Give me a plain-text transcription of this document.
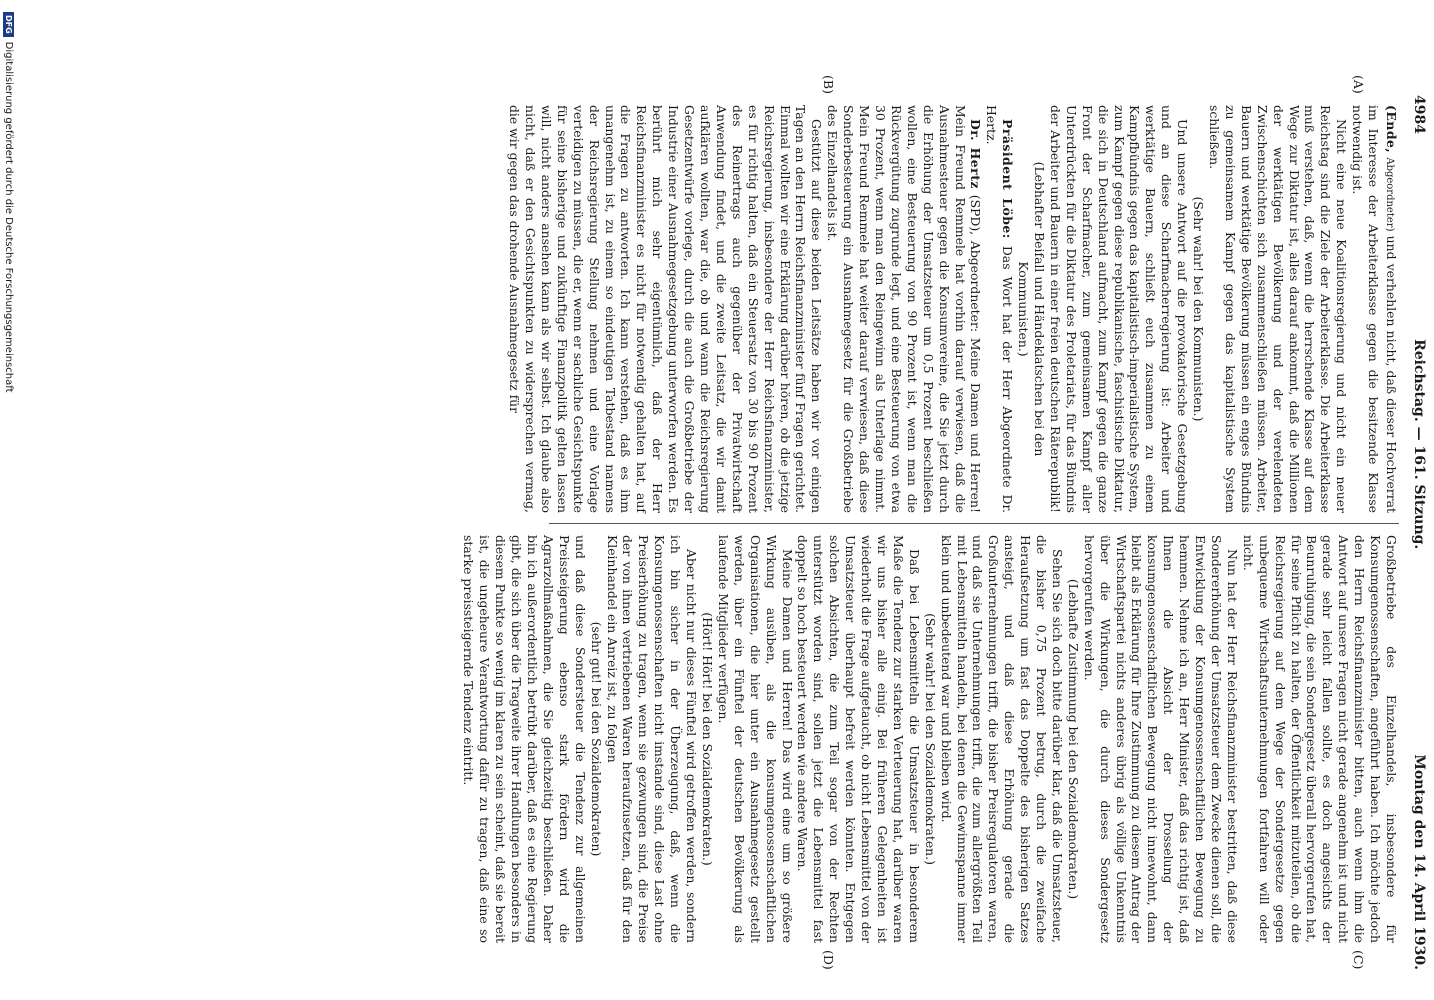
4984
Reichstag. — 161. Sitzung.
Montag den 14. April 1930.
(A)
(B)
(C)
(D)

(Ende, Abgeordneter) und verhehlen nicht, daß dieser Hochverrat im Interesse der Arbeiterklasse gegen die besitzende Klasse notwendig ist.

Nicht eine neue Koalitionsregierung und nicht ein neuer Reichstag sind die Ziele der Arbeiterklasse. Die Arbeiterklasse muß verstehen, daß, wenn die herrschende Klasse auf dem Wege zur Diktatur ist, alles darauf ankommt, daß die Millionen der werktätigen Bevölkerung und der verelendeten Zwischenschichten sich zusammenschließen müssen. Arbeiter, Bauern und werktätige Bevölkerung müssen ein enges Bündnis zu gemeinsamem Kampf gegen das kapitalistische System schließen.

(Sehr wahr! bei den Kommunisten.)

Und unsere Antwort auf die provokatorische Gesetzgebung und an diese Scharfmacherregierung ist: Arbeiter und werktätige Bauern, schließt euch zusammen zu einem Kampfbündnis gegen das kapitalistisch-imperialistische System, zum Kampf gegen diese republikanische, faschistische Diktatur, die sich in Deutschland aufmacht, zum Kampf gegen die ganze Front der Scharfmacher, zum gemeinsamen Kampf aller Unterdrückten für die Diktatur des Proletariats, für das Bündnis der Arbeiter und Bauern in einer freien deutschen Räterepublik!

(Lebhafter Beifall und Händeklatschen bei den Kommunisten.)

Präsident Löbe: Das Wort hat der Herr Abgeordnete Dr. Hertz.

Dr. Hertz (SPD), Abgeordneter: Meine Damen und Herren! Mein Freund Remmele hat vorhin darauf verwiesen, daß die Ausnahmesteuer gegen die Konsumvereine, die Sie jetzt durch die Erhöhung der Umsatzsteuer um 0,5 Prozent beschließen wollen, eine Besteuerung von 90 Prozent ist, wenn man die Rückvergütung zugrunde legt, und eine Besteuerung von etwa 30 Prozent, wenn man den Reingewinn als Unterlage nimmt. Mein Freund Remmele hat weiter darauf verwiesen, daß diese Sonderbesteuerung ein Ausnahmegesetz für die Großbetriebe des Einzelhandels ist.

Gestützt auf diese beiden Leitsätze haben wir vor einigen Tagen an den Herrn Reichsfinanzminister fünf Fragen gerichtet. Einmal wollten wir eine Erklärung darüber hören, ob die jetzige Reichsregierung, insbesondere der Herr Reichsfinanzminister, es für richtig halten, daß ein Steuersatz von 30 bis 90 Prozent des Reinertrags auch gegenüber der Privatwirtschaft Anwendung findet, und die zweite Leitsatz, die wir damit aufklären wollten, war die, ob und wann die Reichsregierung Gesetzentwürfe vorlege, durch die auch die Großbetriebe der Industrie einer Ausnahmegesetzgebung unterworfen werden. Es berührt mich sehr eigentümlich, daß der Herr Reichsfinanzminister es nicht für notwendig gehalten hat, auf die Fragen zu antworten. Ich kann verstehen, daß es ihm unangenehm ist, zu einem so eindeutigen Tatbestand namens der Reichsregierung Stellung nehmen und eine Vorlage verteidigen zu müssen, die er, wenn er sachliche Gesichtspunkte für seine bisherige und zukünftige Finanzpolitik gelten lassen will, nicht anders ansehen kann als wir selbst. Ich glaube also nicht, daß er den Gesichtspunkten zu widersprechen vermag, die wir gegen das drohende Ausnahmegesetz für

Großbetriebe des Einzelhandels, insbesondere für Konsumgenossenschaften, angeführt haben. Ich möchte jedoch den Herrn Reichsfinanzminister bitten, auch wenn ihm die Antwort auf unsere Fragen nicht gerade angenehm ist und nicht gerade sehr leicht fallen sollte, es doch angesichts der Beunruhigung, die sein Sondergesetz überall hervorgerufen hat, für seine Pflicht zu halten, der Öffentlichkeit mitzuteilen, ob die Reichsregierung auf dem Wege der Sondergesetze gegen unbequeme Wirtschaftsunternehmungen fortfahren will oder nicht.

Nun hat der Herr Reichsfinanzminister bestritten, daß diese Sondererhöhung der Umsatzsteuer dem Zwecke dienen soll, die Entwicklung der Konsumgenossenschaftlichen Bewegung zu hemmen. Nehme ich an, Herr Minister, daß das richtig ist, daß Ihnen die Absicht der Drosselung der konsumgenossenschaftlichen Bewegung nicht innewohnt, dann bleibt als Erklärung für Ihre Zustimmung zu diesem Antrag der Wirtschaftspartei nichts anderes übrig als völlige Unkenntnis über die Wirkungen, die durch dieses Sondergesetz hervorgerufen werden.

(Lebhafte Zustimmung bei den Sozialdemokraten.)

Sehen Sie sich doch bitte darüber klar, daß die Umsatzsteuer, die bisher 0,75 Prozent betrug, durch die zweifache Heraufsetzung um fast das Doppelte des bisherigen Satzes ansteigt, und daß diese Erhöhung gerade die Großunternehmungen trifft, die bisher Preisregulatoren waren, und daß sie Unternehmungen trifft, die zum allergrößten Teil mit Lebensmitteln handeln, bei denen die Gewinnspanne immer klein und unbedeutend war und bleiben wird.

(Sehr wahr! bei den Sozialdemokraten.)

Daß bei Lebensmitteln die Umsatzsteuer in besonderem Maße die Tendenz zur starken Verteuerung hat, darüber waren wir uns bisher alle einig. Bei früheren Gelegenheiten ist wiederholt die Frage aufgetaucht, ob nicht Lebensmittel von der Umsatzsteuer überhaupt befreit werden könnten. Entgegen solchen Absichten, die zum Teil sogar von der Rechten unterstützt worden sind, sollen jetzt die Lebensmittel fast doppelt so hoch besteuert werden wie andere Waren.

Meine Damen und Herren! Das wird eine um so größere Wirkung ausüben, als die konsumgenossenschaftlichen Organisationen, die hier unter ein Ausnahmegesetz gestellt werden, über ein Fünftel der deutschen Bevölkerung als laufende Mitglieder verfügen.

(Hört! Hört! bei den Sozialdemokraten.)

Aber nicht nur dieses Fünftel wird getroffen werden, sondern ich bin sicher in der Überzeugung, daß, wenn die Konsumgenossenschaften nicht imstande sind, diese Last ohne Preiserhöhung zu tragen, wenn sie gezwungen sind, die Preise der von ihnen vertriebenen Waren heraufzusetzen, daß für den Kleinhandel ein Anreiz ist, zu folgen

(sehr gut! bei den Sozialdemokraten)

und daß diese Sondersteuer die Tendenz zur allgemeinen Preissteigerung ebenso stark fördern wird die Agrarzollmaßnahmen, die Sie gleichzeitig beschließen. Daher bin ich außerordentlich betrübt darüber, daß es eine Regierung gibt, die sich über die Tragweite ihrer Handlungen besonders in diesem Punkte so wenig im klaren zu sein scheint, daß sie bereit ist, die ungeheure Verantwortung dafür zu tragen, daß eine so starke preissteigernde Tendenz eintritt.

DFG
Digitalisierung gefördert durch die Deutsche Forschungsgemeinschaft
